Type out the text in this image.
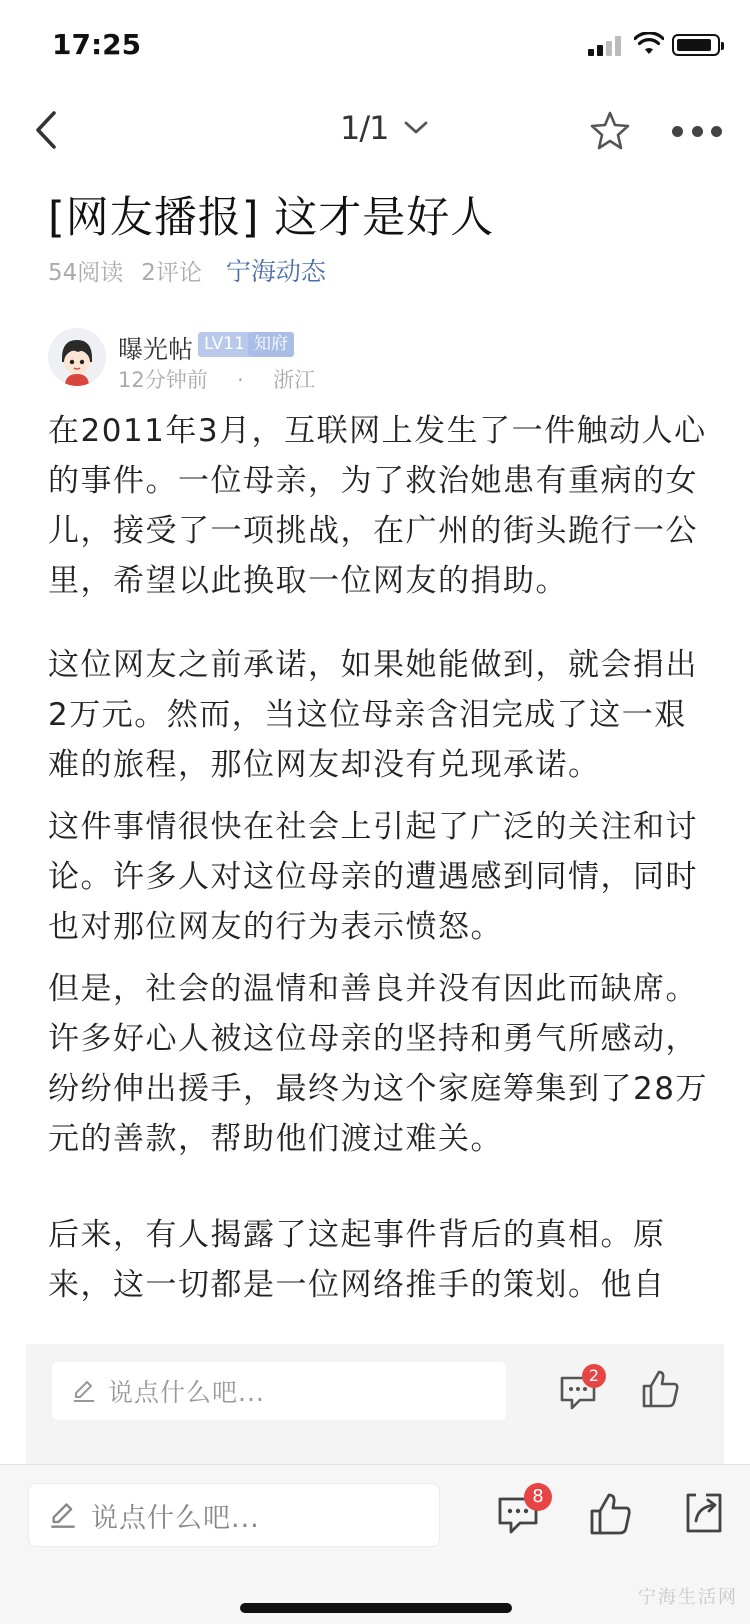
17:25
1/1
[网友播报] 这才是好人
54阅读 2评论 宁海动态
曝光帖 LV11 知府
12分钟前 · 浙江

在2011年3月，互联网上发生了一件触动人心的事件。一位母亲，为了救治她患有重病的女儿，接受了一项挑战，在广州的街头跪行一公里，希望以此换取一位网友的捐助。

这位网友之前承诺，如果她能做到，就会捐出2万元。然而，当这位母亲含泪完成了这一艰难的旅程，那位网友却没有兑现承诺。

这件事情很快在社会上引起了广泛的关注和讨论。许多人对这位母亲的遭遇感到同情，同时也对那位网友的行为表示愤怒。

但是，社会的温情和善良并没有因此而缺席。许多好心人被这位母亲的坚持和勇气所感动，纷纷伸出援手，最终为这个家庭筹集到了28万元的善款，帮助他们渡过难关。

后来，有人揭露了这起事件背后的真相。原来，这一切都是一位网络推手的策划。他自

说点什么吧...
2
说点什么吧...
8
宁海生活网
